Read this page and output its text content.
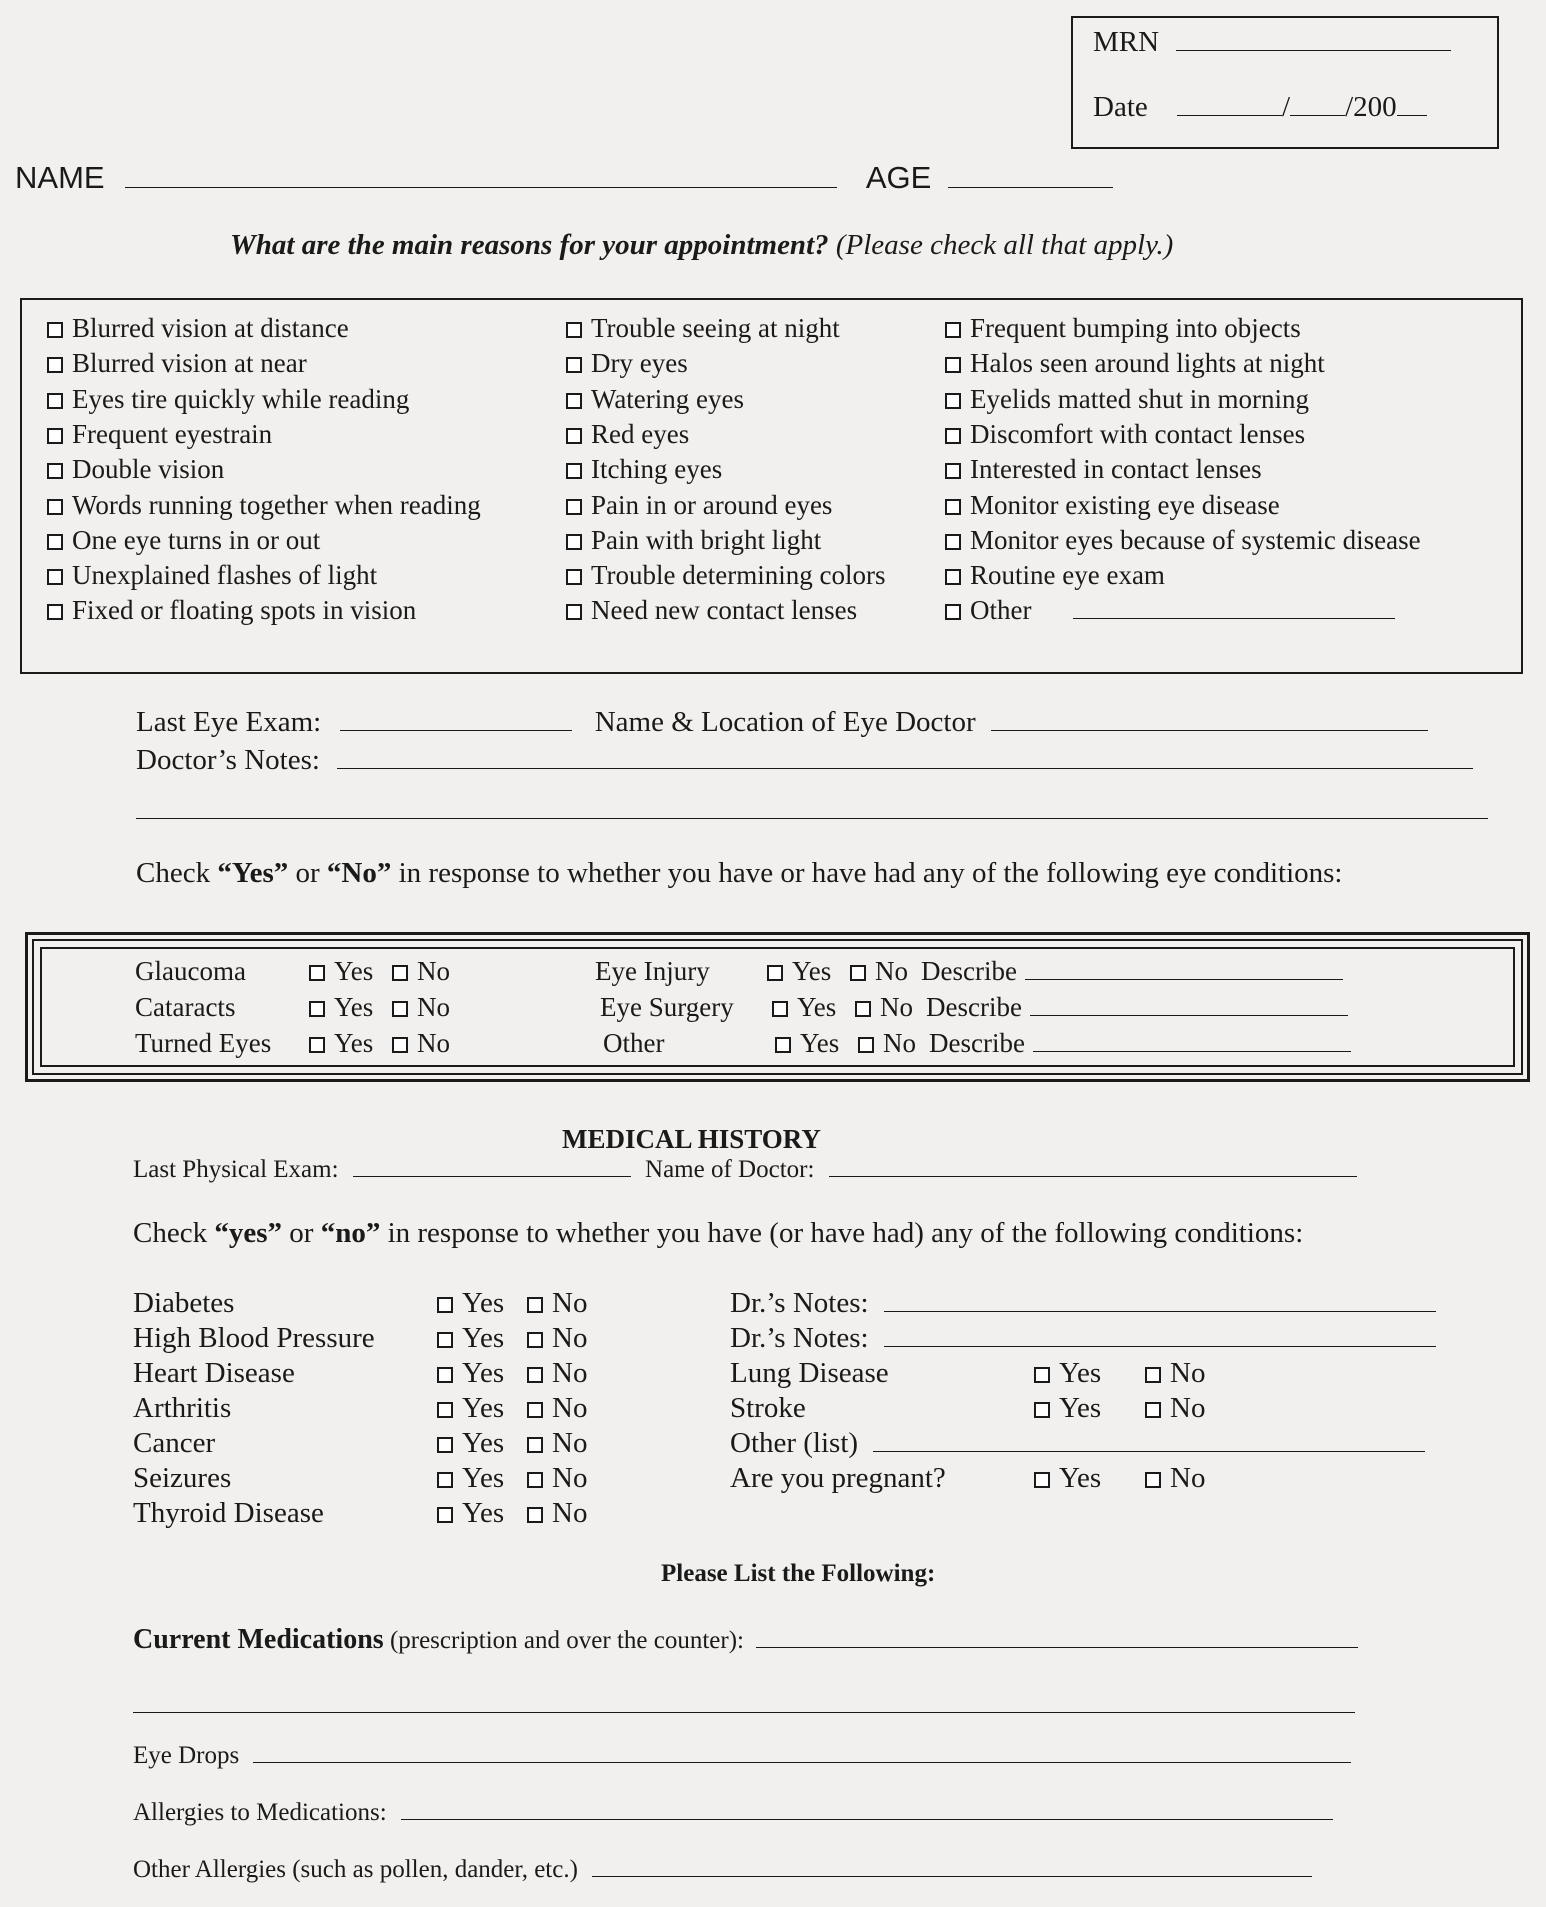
MRN
Date	/ /200
NAME	AGE
What are the main reasons for your appointment? (Please check all that apply.)
Blurred vision at distance
Blurred vision at near
Eyes tire quickly while reading
Frequent eyestrain
Double vision
Words running together when reading
One eye turns in or out
Unexplained flashes of light
Fixed or floating spots in vision
Trouble seeing at night
Dry eyes
Watering eyes
Red eyes
Itching eyes
Pain in or around eyes
Pain with bright light
Trouble determining colors
Need new contact lenses
Frequent bumping into objects
Halos seen around lights at night
Eyelids matted shut in morning
Discomfort with contact lenses
Interested in contact lenses
Monitor existing eye disease
Monitor eyes because of systemic disease
Routine eye exam
Other
Last Eye Exam:	Name & Location of Eye Doctor
Doctor’s Notes:
Check “Yes” or “No” in response to whether you have or have had any of the following eye conditions:
Glaucoma	Yes No	Eye Injury	Yes No Describe
Cataracts	Yes No	Eye Surgery Yes No Describe
Turned Eyes Yes No	Other	Yes No Describe
MEDICAL HISTORY
Last Physical Exam:	Name of Doctor:
Check “yes” or “no” in response to whether you have (or have had) any of the following conditions:
Diabetes	Yes No
High Blood Pressure	Yes No
Heart Disease	Yes No
Arthritis	Yes No
Cancer	Yes No
Seizures	Yes No
Thyroid Disease	Yes No
Dr.’s Notes:
Dr.’s Notes:
Lung Disease	Yes No
Stroke	Yes No
Other (list)
Are you pregnant?	Yes No
Please List the Following:
Current Medications (prescription and over the counter):
Eye Drops
Allergies to Medications:
Other Allergies (such as pollen, dander, etc.)
